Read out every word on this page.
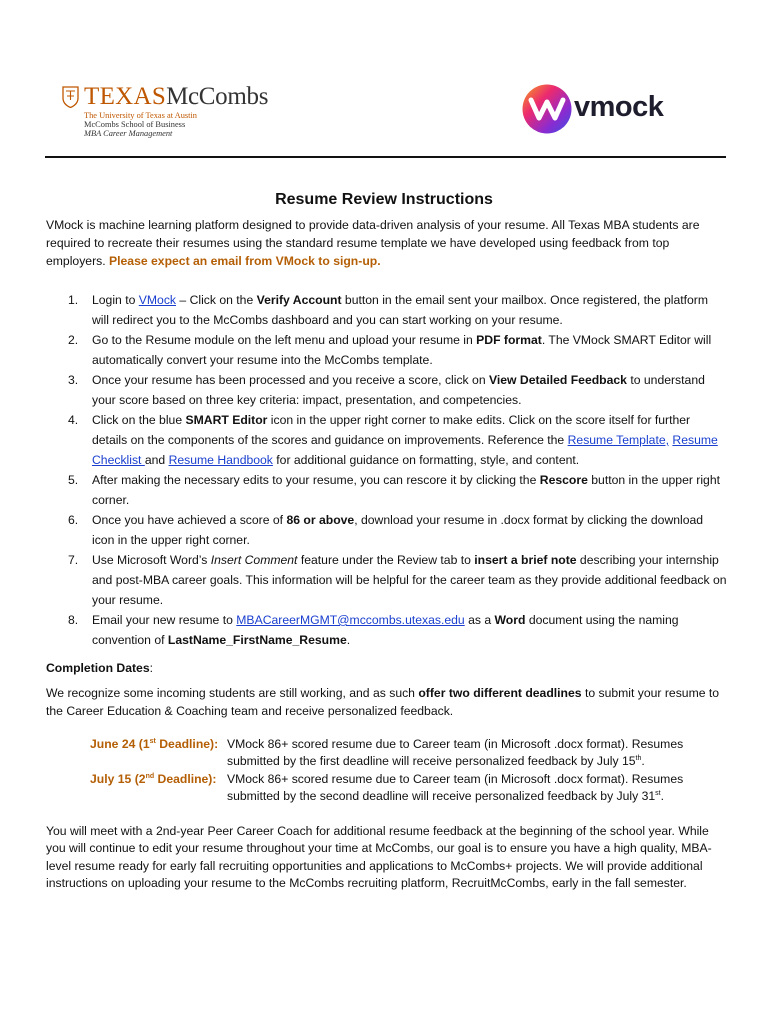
TEXASMcCombs
The University of Texas at Austin
McCombs School of Business
MBA Career Management
vmock
Resume Review Instructions
VMock is machine learning platform designed to provide data-driven analysis of your resume. All Texas MBA students are required to recreate their resumes using the standard resume template we have developed using feedback from top employers. Please expect an email from VMock to sign-up.
1. Login to VMock – Click on the Verify Account button in the email sent your mailbox. Once registered, the platform will redirect you to the McCombs dashboard and you can start working on your resume.
2. Go to the Resume module on the left menu and upload your resume in PDF format. The VMock SMART Editor will automatically convert your resume into the McCombs template.
3. Once your resume has been processed and you receive a score, click on View Detailed Feedback to understand your score based on three key criteria: impact, presentation, and competencies.
4. Click on the blue SMART Editor icon in the upper right corner to make edits. Click on the score itself for further details on the components of the scores and guidance on improvements. Reference the Resume Template, Resume Checklist and Resume Handbook for additional guidance on formatting, style, and content.
5. After making the necessary edits to your resume, you can rescore it by clicking the Rescore button in the upper right corner.
6. Once you have achieved a score of 86 or above, download your resume in .docx format by clicking the download icon in the upper right corner.
7. Use Microsoft Word’s Insert Comment feature under the Review tab to insert a brief note describing your internship and post-MBA career goals. This information will be helpful for the career team as they provide additional feedback on your resume.
8. Email your new resume to MBACareerMGMT@mccombs.utexas.edu as a Word document using the naming convention of LastName_FirstName_Resume.
Completion Dates:
We recognize some incoming students are still working, and as such offer two different deadlines to submit your resume to the Career Education & Coaching team and receive personalized feedback.
June 24 (1st Deadline): VMock 86+ scored resume due to Career team (in Microsoft .docx format). Resumes submitted by the first deadline will receive personalized feedback by July 15th.
July 15 (2nd Deadline): VMock 86+ scored resume due to Career team (in Microsoft .docx format). Resumes submitted by the second deadline will receive personalized feedback by July 31st.
You will meet with a 2nd-year Peer Career Coach for additional resume feedback at the beginning of the school year. While you will continue to edit your resume throughout your time at McCombs, our goal is to ensure you have a high quality, MBA-level resume ready for early fall recruiting opportunities and applications to McCombs+ projects. We will provide additional instructions on uploading your resume to the McCombs recruiting platform, RecruitMcCombs, early in the fall semester.
